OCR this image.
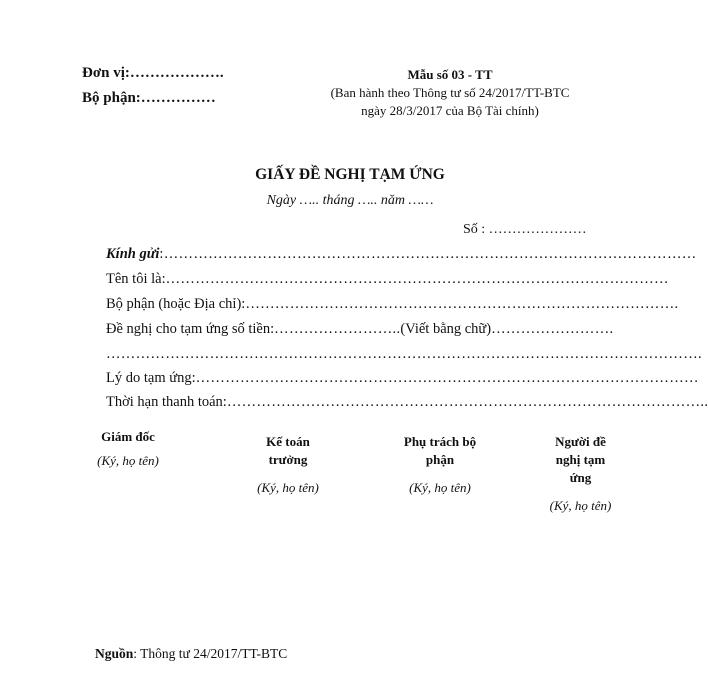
Đơn vị:……………….
Bộ phận:……………
Mẫu số 03 - TT
(Ban hành theo Thông tư số 24/2017/TT-BTC
ngày 28/3/2017 của Bộ Tài chính)
GIẤY ĐỀ NGHỊ TẠM ỨNG
Ngày ….. tháng ….. năm ……
Số : …………………
Kính gửi:………………………………………………………………………………………………
Tên tôi là:…………………………………………………………………………………………
Bộ phận (hoặc Địa chỉ):…………………………………………………………………………….
Đề nghị cho tạm ứng số tiền:……………………..(Viết bằng chữ)…………………….
………………………………………………………………………………………………………….
Lý do tạm ứng:…………………………………………………………………………………………
Thời hạn thanh toán:……………………………………………………………………………………..
Giám đốc
(Ký, họ tên)
Kế toán
trưởng
(Ký, họ tên)
Phụ trách bộ
phận
(Ký, họ tên)
Người đề
nghị tạm
ứng
(Ký, họ tên)
Nguồn: Thông tư 24/2017/TT-BTC
